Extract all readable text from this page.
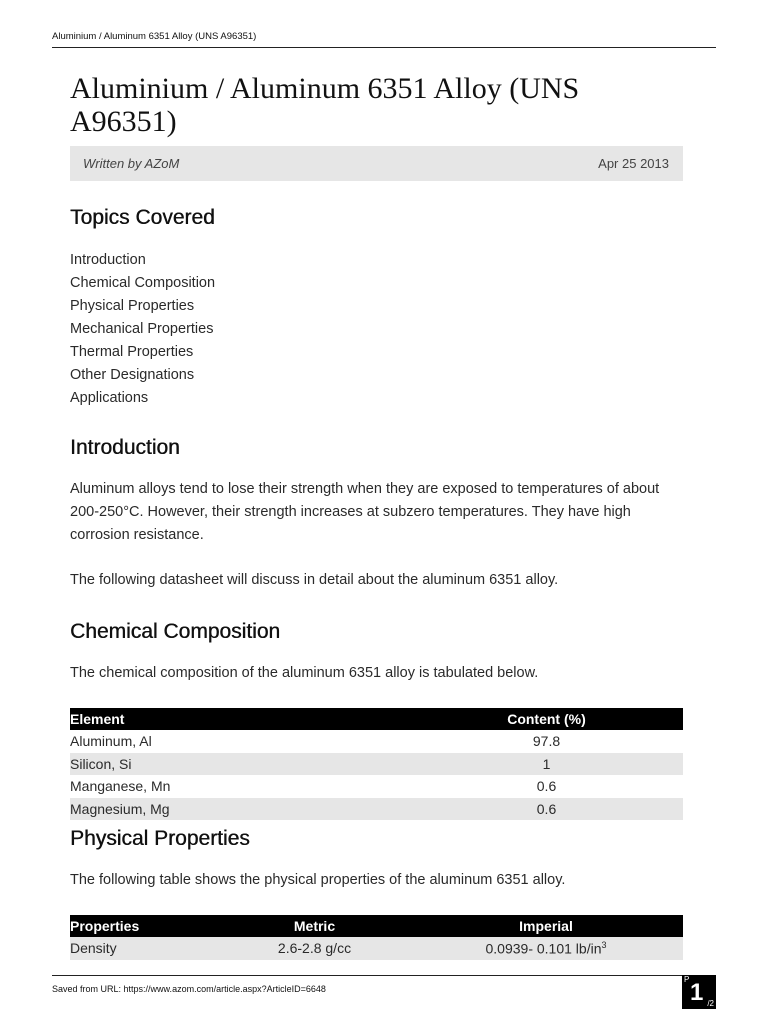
Aluminium / Aluminum 6351 Alloy (UNS A96351)
Aluminium / Aluminum 6351 Alloy (UNS A96351)
Written by AZoM	Apr 25 2013
Topics Covered
Introduction
Chemical Composition
Physical Properties
Mechanical Properties
Thermal Properties
Other Designations
Applications
Introduction

Aluminum alloys tend to lose their strength when they are exposed to temperatures of about 200-250°C. However, their strength increases at subzero temperatures. They have high corrosion resistance.

The following datasheet will discuss in detail about the aluminum 6351 alloy.

Chemical Composition

The chemical composition of the aluminum 6351 alloy is tabulated below.

Element	Content (%)
Aluminum, Al	97.8
Silicon, Si	1
Manganese, Mn	0.6
Magnesium, Mg	0.6
Physical Properties

The following table shows the physical properties of the aluminum 6351 alloy.

Properties	Metric	Imperial
Density	2.6-2.8 g/cc	0.0939- 0.101 $lb/in^3$
Saved from URL: https://www.azom.com/article.aspx?ArticleID=6648
P 1 /2
